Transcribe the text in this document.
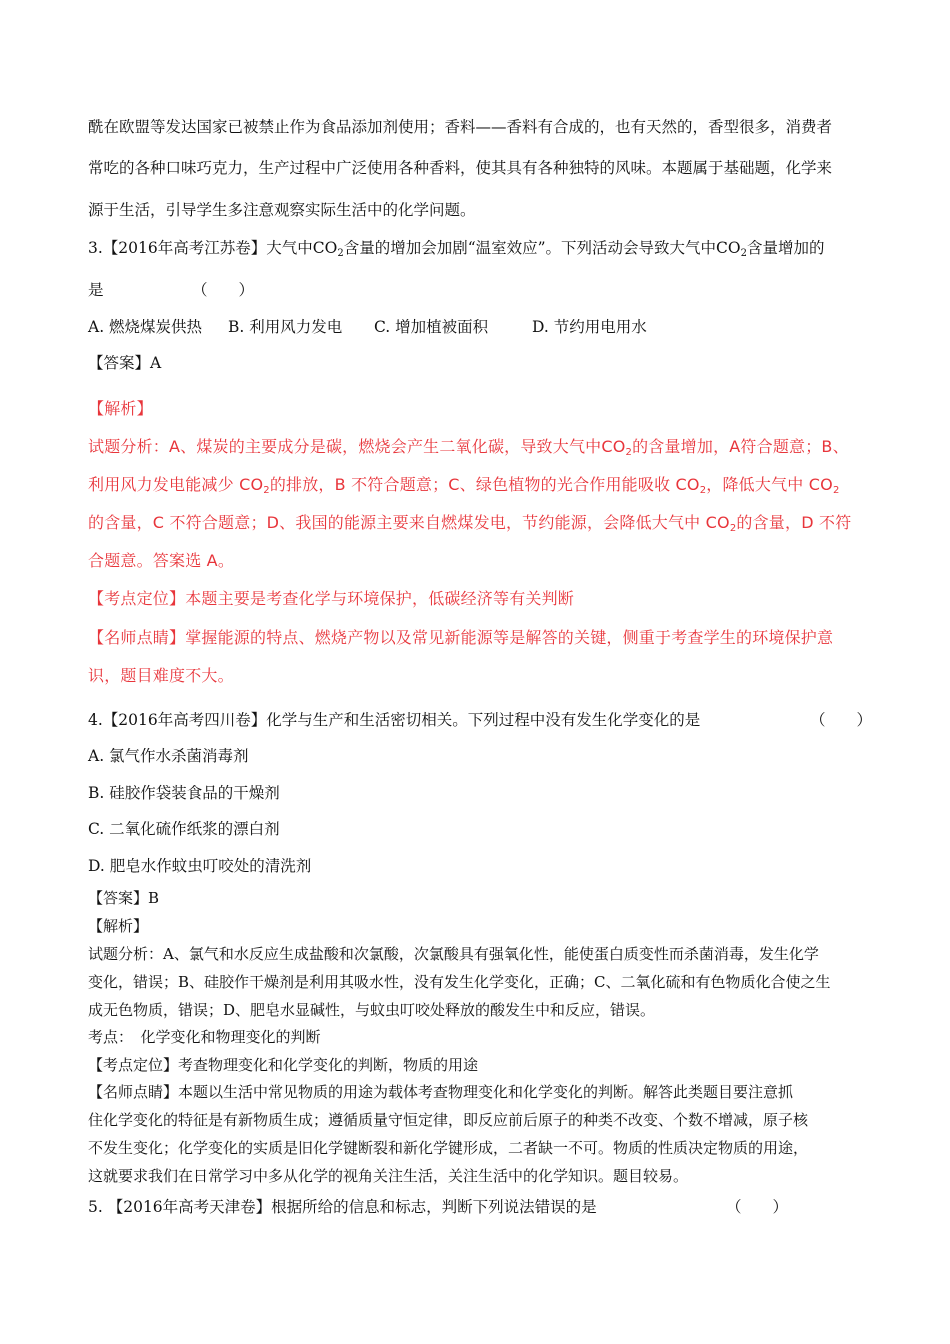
酰在欧盟等发达国家已被禁止作为食品添加剂使用；香料——香料有合成的，也有天然的，香型很多，消费者
常吃的各种口味巧克力，生产过程中广泛使用各种香料，使其具有各种独特的风味。本题属于基础题，化学来
源于生活，引导学生多注意观察实际生活中的化学问题。
3.【2016年高考江苏卷】大气中$CO_2$含量的增加会加剧“温室效应”。下列活动会导致大气中$CO_2$含量增加的
是	（　　）
A. 燃烧煤炭供热 B. 利用风力发电 C. 增加植被面积	D. 节约用电用水
【答案】A
【解析】
试题分析：A、煤炭的主要成分是碳，燃烧会产生二氧化碳，导致大气中$CO_2$的含量增加，A符合题意；B、
利用风力发电能减少 $CO_2$的排放，B 不符合题意；C、绿色植物的光合作用能吸收 $CO_2$，降低大气中 $CO_2$
的含量，C 不符合题意；D、我国的能源主要来自燃煤发电，节约能源，会降低大气中 $CO_2$的含量，D 不符
合题意。答案选 A。
【考点定位】本题主要是考查化学与环境保护，低碳经济等有关判断
【名师点睛】掌握能源的特点、燃烧产物以及常见新能源等是解答的关键，侧重于考查学生的环境保护意
识，题目难度不大。
4.【2016年高考四川卷】化学与生产和生活密切相关。下列过程中没有发生化学变化的是	（　　）
A. 氯气作水杀菌消毒剂
B. 硅胶作袋装食品的干燥剂
C. 二氧化硫作纸浆的漂白剂
D. 肥皂水作蚊虫叮咬处的清洗剂
【答案】B
【解析】
试题分析：A、氯气和水反应生成盐酸和次氯酸，次氯酸具有强氧化性，能使蛋白质变性而杀菌消毒，发生化学
变化，错误；B、硅胶作干燥剂是利用其吸水性，没有发生化学变化，正确；C、二氧化硫和有色物质化合使之生
成无色物质，错误；D、肥皂水显碱性，与蚊虫叮咬处释放的酸发生中和反应，错误。
考点：　化学变化和物理变化的判断
【考点定位】考查物理变化和化学变化的判断，物质的用途
【名师点睛】本题以生活中常见物质的用途为载体考查物理变化和化学变化的判断。解答此类题目要注意抓
住化学变化的特征是有新物质生成；遵循质量守恒定律，即反应前后原子的种类不改变、个数不增减，原子核
不发生变化；化学变化的实质是旧化学键断裂和新化学键形成，二者缺一不可。物质的性质决定物质的用途，
这就要求我们在日常学习中多从化学的视角关注生活，关注生活中的化学知识。题目较易。
5. 【2016年高考天津卷】根据所给的信息和标志，判断下列说法错误的是	（　　）
